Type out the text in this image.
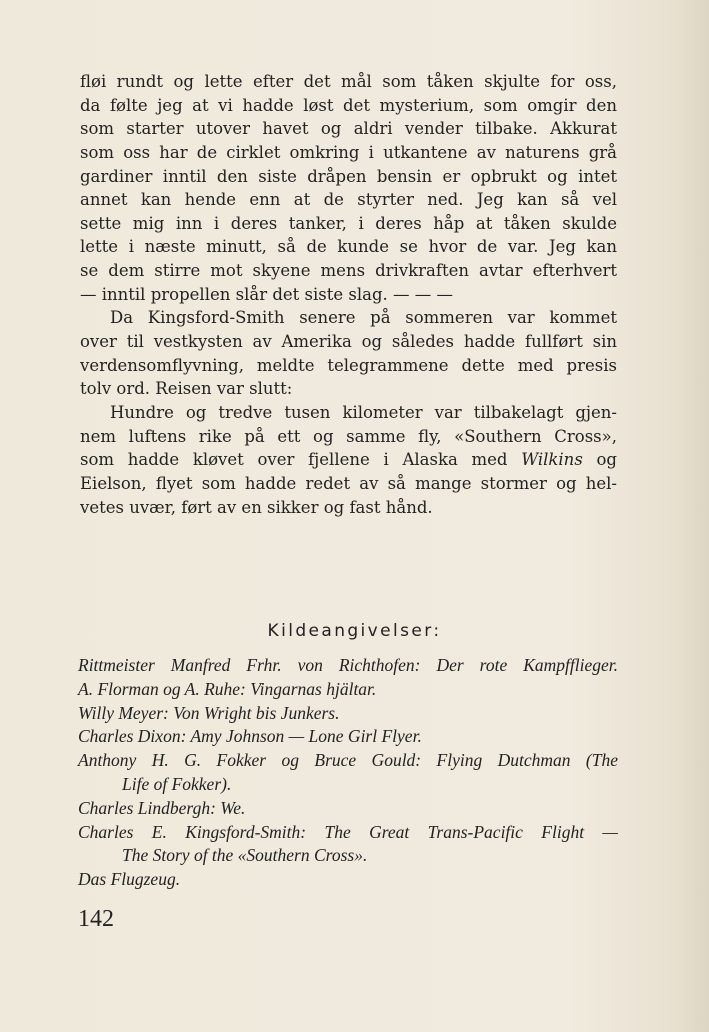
fløi rundt og lette efter det mål som tåken skjulte for oss,
da følte jeg at vi hadde løst det mysterium, som omgir den
som starter utover havet og aldri vender tilbake. Akkurat
som oss har de cirklet omkring i utkantene av naturens grå
gardiner inntil den siste dråpen bensin er opbrukt og intet
annet kan hende enn at de styrter ned. Jeg kan så vel
sette mig inn i deres tanker, i deres håp at tåken skulde
lette i næste minutt, så de kunde se hvor de var. Jeg kan
se dem stirre mot skyene mens drivkraften avtar efterhvert
— inntil propellen slår det siste slag. — — —
Da Kingsford-Smith senere på sommeren var kommet
over til vestkysten av Amerika og således hadde fullført sin
verdensomflyvning, meldte telegrammene dette med presis
tolv ord. Reisen var slutt:
Hundre og tredve tusen kilometer var tilbakelagt gjen-
nem luftens rike på ett og samme fly, «Southern Cross»,
som hadde kløvet over fjellene i Alaska med Wilkins og
Eielson, flyet som hadde redet av så mange stormer og hel-
vetes uvær, ført av en sikker og fast hånd.
Kildeangivelser:
Rittmeister Manfred Frhr. von Richthofen: Der rote Kampfflieger.
A. Florman og A. Ruhe: Vingarnas hjältar.
Willy Meyer: Von Wright bis Junkers.
Charles Dixon: Amy Johnson — Lone Girl Flyer.
Anthony H. G. Fokker og Bruce Gould: Flying Dutchman (The
Life of Fokker).
Charles Lindbergh: We.
Charles E. Kingsford-Smith: The Great Trans-Pacific Flight —
The Story of the «Southern Cross».
Das Flugzeug.
142
